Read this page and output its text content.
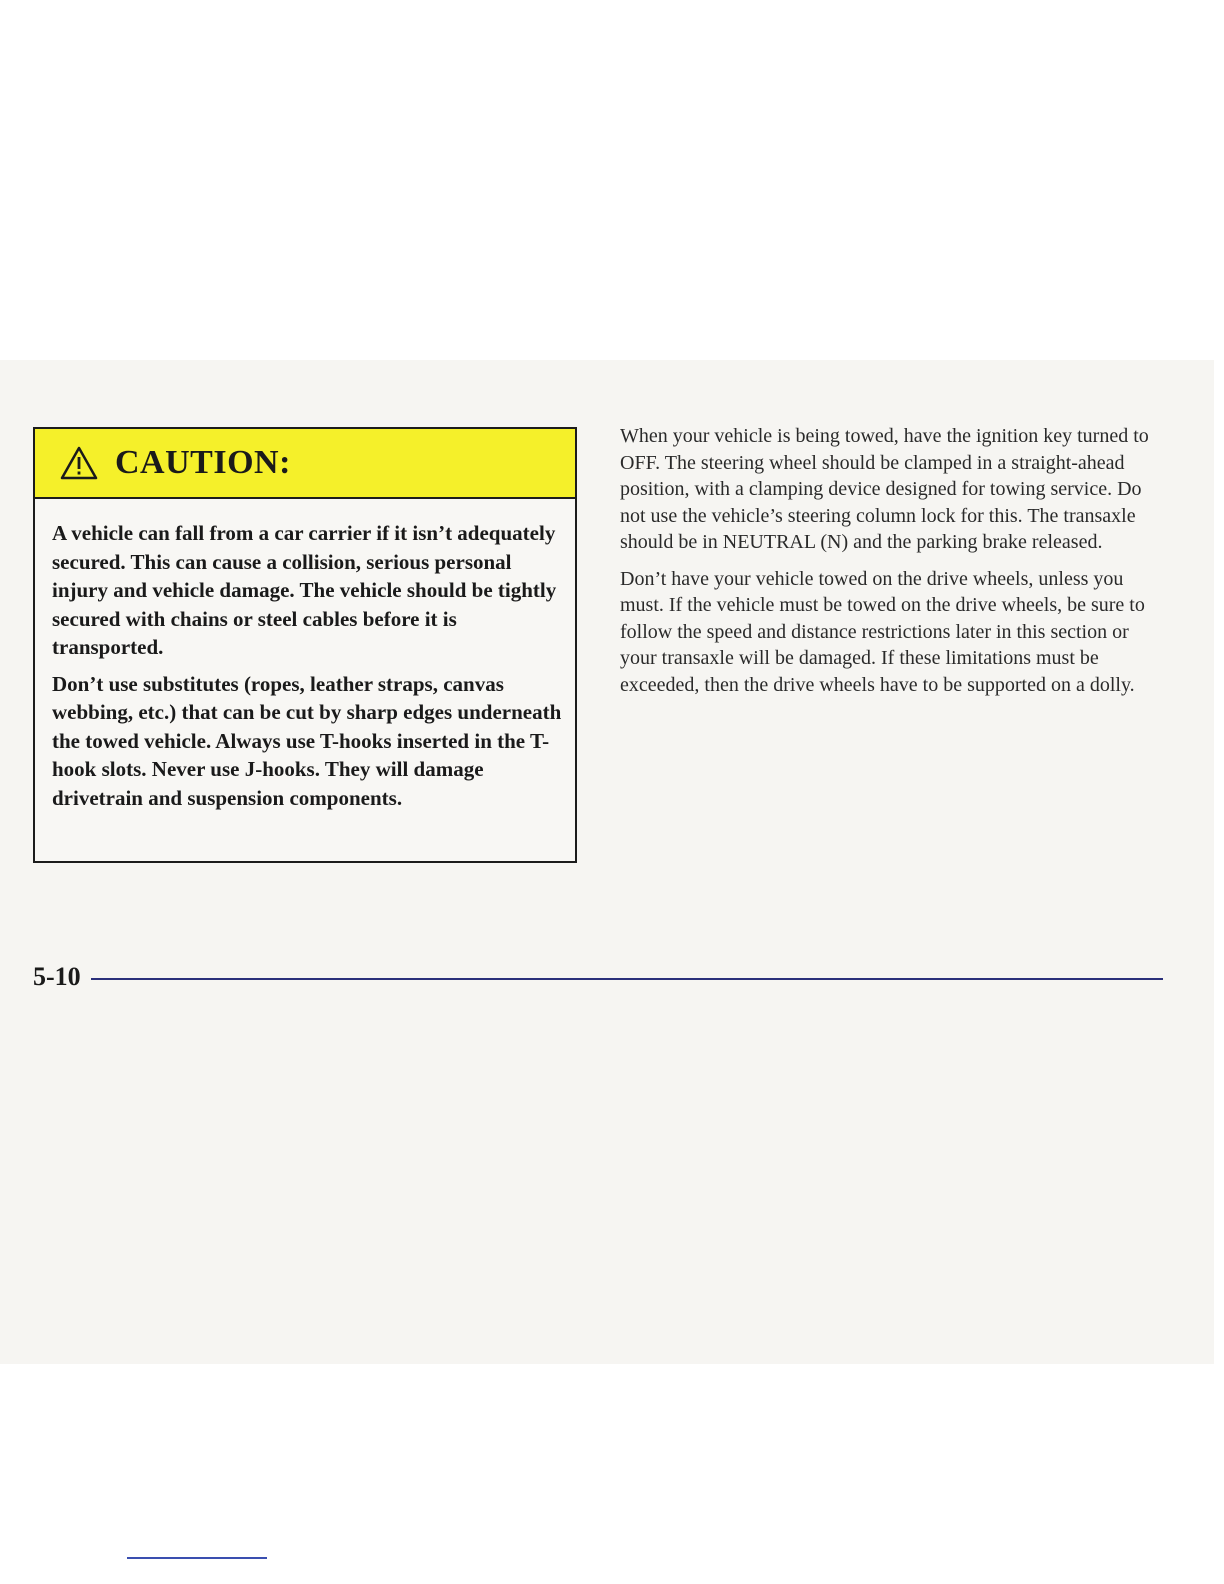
CAUTION:

A vehicle can fall from a car carrier if it isn’t adequately secured. This can cause a collision, serious personal injury and vehicle damage. The vehicle should be tightly secured with chains or steel cables before it is transported.

Don’t use substitutes (ropes, leather straps, canvas webbing, etc.) that can be cut by sharp edges underneath the towed vehicle. Always use T-hooks inserted in the T-hook slots. Never use J-hooks. They will damage drivetrain and suspension components.

When your vehicle is being towed, have the ignition key turned to OFF. The steering wheel should be clamped in a straight-ahead position, with a clamping device designed for towing service. Do not use the vehicle’s steering column lock for this. The transaxle should be in NEUTRAL (N) and the parking brake released.

Don’t have your vehicle towed on the drive wheels, unless you must. If the vehicle must be towed on the drive wheels, be sure to follow the speed and distance restrictions later in this section or your transaxle will be damaged. If these limitations must be exceeded, then the drive wheels have to be supported on a dolly.

5-10
